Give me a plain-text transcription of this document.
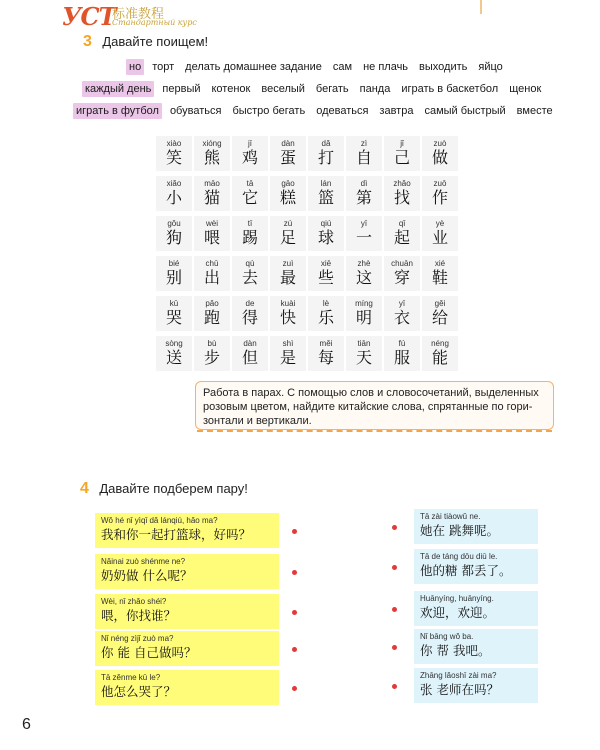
УСТ
标准教程
Стандартный курс
3 Давайте поищем!
но торт делать домашнее задание сам не плачь выходить яйцо
каждый день первый котенок веселый бегать панда играть в баскетбол щенок
играть в футбол обуваться быстро бегать одеваться завтра самый быстрый вместе
xiào
笑
xióng
熊
jī
鸡
dàn
蛋
dǎ
打
zì
自
jǐ
己
zuò
做
xiǎo
小
māo
猫
tā
它
gāo
糕
lán
篮
dì
第
zhǎo
找
zuō
作
gǒu
狗
wèi
喂
tī
踢
zú
足
qiú
球
yī
一
qǐ
起
yè
业
bié
别
chū
出
qù
去
zuì
最
xiē
些
zhè
这
chuān
穿
xié
鞋
kū
哭
pǎo
跑
de
得
kuài
快
lè
乐
míng
明
yī
衣
gěi
给
sòng
送
bù
步
dàn
但
shì
是
měi
每
tiān
天
fú
服
néng
能
Работа в парах. С помощью слов и словосочетаний, выделенных
розовым цветом, найдите китайские слова, спрятанные по гори-
зонтали и вертикали.
4 Давайте подберем пару!
Wǒ hé nǐ yìqǐ dǎ lánqiú, hǎo ma?
我和你一起打篮球，好吗？
Nǎinai zuò shénme ne?
奶奶做 什么呢？
Wèi, nǐ zhǎo shéi?
喂，你找谁？
Nǐ néng zìjǐ zuò ma?
你 能 自己做吗？
Tā zěnme kū le?
他怎么哭了？
Tā zài tiàowǔ ne.
她在 跳舞呢。
Tā de táng dōu diū le.
他的糖 都丢了。
Huānyíng, huānyíng.
欢迎，欢迎。
Nǐ bāng wǒ ba.
你 帮 我吧。
Zhāng lǎoshī zài ma?
张 老师在吗？
6
